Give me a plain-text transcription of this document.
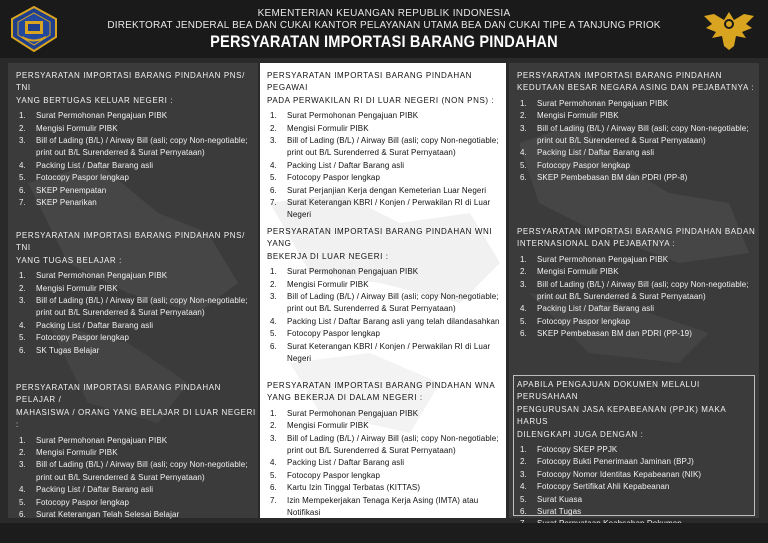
KEMENTERIAN KEUANGAN REPUBLIK INDONESIA
DIREKTORAT JENDERAL BEA DAN CUKAI KANTOR PELAYANAN UTAMA BEA DAN CUKAI TIPE A TANJUNG PRIOK
PERSYARATAN IMPORTASI BARANG PINDAHAN
PERSYARATAN IMPORTASI BARANG PINDAHAN PNS/ TNI
YANG BERTUGAS KELUAR NEGERI :
1. Surat Permohonan Pengajuan PIBK
2. Mengisi Formulir PIBK
3. Bill of Lading (B/L) / Airway Bill (asli; copy Non-negotiable;
print out B/L Surenderred & Surat Pernyataan)
4. Packing List / Daftar Barang asli
5. Fotocopy Paspor lengkap
6. SKEP Penempatan
7. SKEP Penarikan
PERSYARATAN IMPORTASI BARANG PINDAHAN PNS/ TNI
YANG TUGAS BELAJAR :
1. Surat Permohonan Pengajuan PIBK
2. Mengisi Formulir PIBK
3. Bill of Lading (B/L) / Airway Bill (asli; copy Non-negotiable;
print out B/L Surenderred & Surat Pernyataan)
4. Packing List / Daftar Barang asli
5. Fotocopy Paspor lengkap
6. SK Tugas Belajar
PERSYARATAN IMPORTASI BARANG PINDAHAN PELAJAR /
MAHASISWA / ORANG YANG BELAJAR DI LUAR NEGERI :
1. Surat Permohonan Pengajuan PIBK
2. Mengisi Formulir PIBK
3. Bill of Lading (B/L) / Airway Bill (asli; copy Non-negotiable;
print out B/L Surenderred & Surat Pernyataan)
4. Packing List / Daftar Barang asli
5. Fotocopy Paspor lengkap
6. Surat Keterangan Telah Selesai Belajar
PERSYARATAN IMPORTASI BARANG PINDAHAN PEGAWAI
PADA PERWAKILAN RI DI LUAR NEGERI (NON PNS) :
1. Surat Permohonan Pengajuan PIBK
2. Mengisi Formulir PIBK
3. Bill of Lading (B/L) / Airway Bill (asli; copy Non-negotiable;
print out B/L Surenderred & Surat Pernyataan)
4. Packing List / Daftar Barang asli
5. Fotocopy Paspor lengkap
6. Surat Perjanjian Kerja dengan Kemeterian Luar Negeri
7. Surat Keterangan KBRI / Konjen / Perwakilan RI di Luar
Negeri
PERSYARATAN IMPORTASI BARANG PINDAHAN WNI YANG
BEKERJA DI LUAR NEGERI :
1. Surat Permohonan Pengajuan PIBK
2. Mengisi Formulir PIBK
3. Bill of Lading (B/L) / Airway Bill (asli; copy Non-negotiable;
print out B/L Surenderred & Surat Pernyataan)
4. Packing List / Daftar Barang asli yang telah dilandasahkan
5. Fotocopy Paspor lengkap
6. Surat Keterangan KBRI / Konjen / Perwakilan RI di Luar
Negeri
PERSYARATAN IMPORTASI BARANG PINDAHAN WNA
YANG BEKERJA DI DALAM NEGERI :
1. Surat Permohonan Pengajuan PIBK
2. Mengisi Formulir PIBK
3. Bill of Lading (B/L) / Airway Bill (asli; copy Non-negotiable;
print out B/L Surenderred & Surat Pernyataan)
4. Packing List / Daftar Barang asli
5. Fotocopy Paspor lengkap
6. Kartu Izin Tinggal Terbatas (KITTAS)
7. Izin Mempekerjakan Tenaga Kerja Asing (IMTA) atau
Notifikasi
PERSYARATAN IMPORTASI BARANG PINDAHAN
KEDUTAAN BESAR NEGARA ASING DAN PEJABATNYA :
1. Surat Permohonan Pengajuan PIBK
2. Mengisi Formulir PIBK
3. Bill of Lading (B/L) / Airway Bill (asli; copy Non-negotiable;
print out B/L Surenderred & Surat Pernyataan)
4. Packing List / Daftar Barang asli
5. Fotocopy Paspor lengkap
6. SKEP Pembebasan BM dan PDRI (PP-8)
PERSYARATAN IMPORTASI BARANG PINDAHAN BADAN
INTERNASIONAL DAN PEJABATNYA :
1. Surat Permohonan Pengajuan PIBK
2. Mengisi Formulir PIBK
3. Bill of Lading (B/L) / Airway Bill (asli; copy Non-negotiable;
print out B/L Surenderred & Surat Pernyataan)
4. Packing List / Daftar Barang asli
5. Fotocopy Paspor lengkap
6. SKEP Pembebasan BM dan PDRI (PP-19)
APABILA PENGAJUAN DOKUMEN MELALUI PERUSAHAAN
PENGURUSAN JASA KEPABEANAN (PPJK) MAKA HARUS
DILENGKAPI JUGA DENGAN :
1. Fotocopy SKEP PPJK
2. Fotocopy Bukti Penerimaan Jaminan (BPJ)
3. Fotocopy Nomor Identitas Kepabeanan (NIK)
4. Fotocopy Sertifikat Ahli Kepabeanan
5. Surat Kuasa
6. Surat Tugas
